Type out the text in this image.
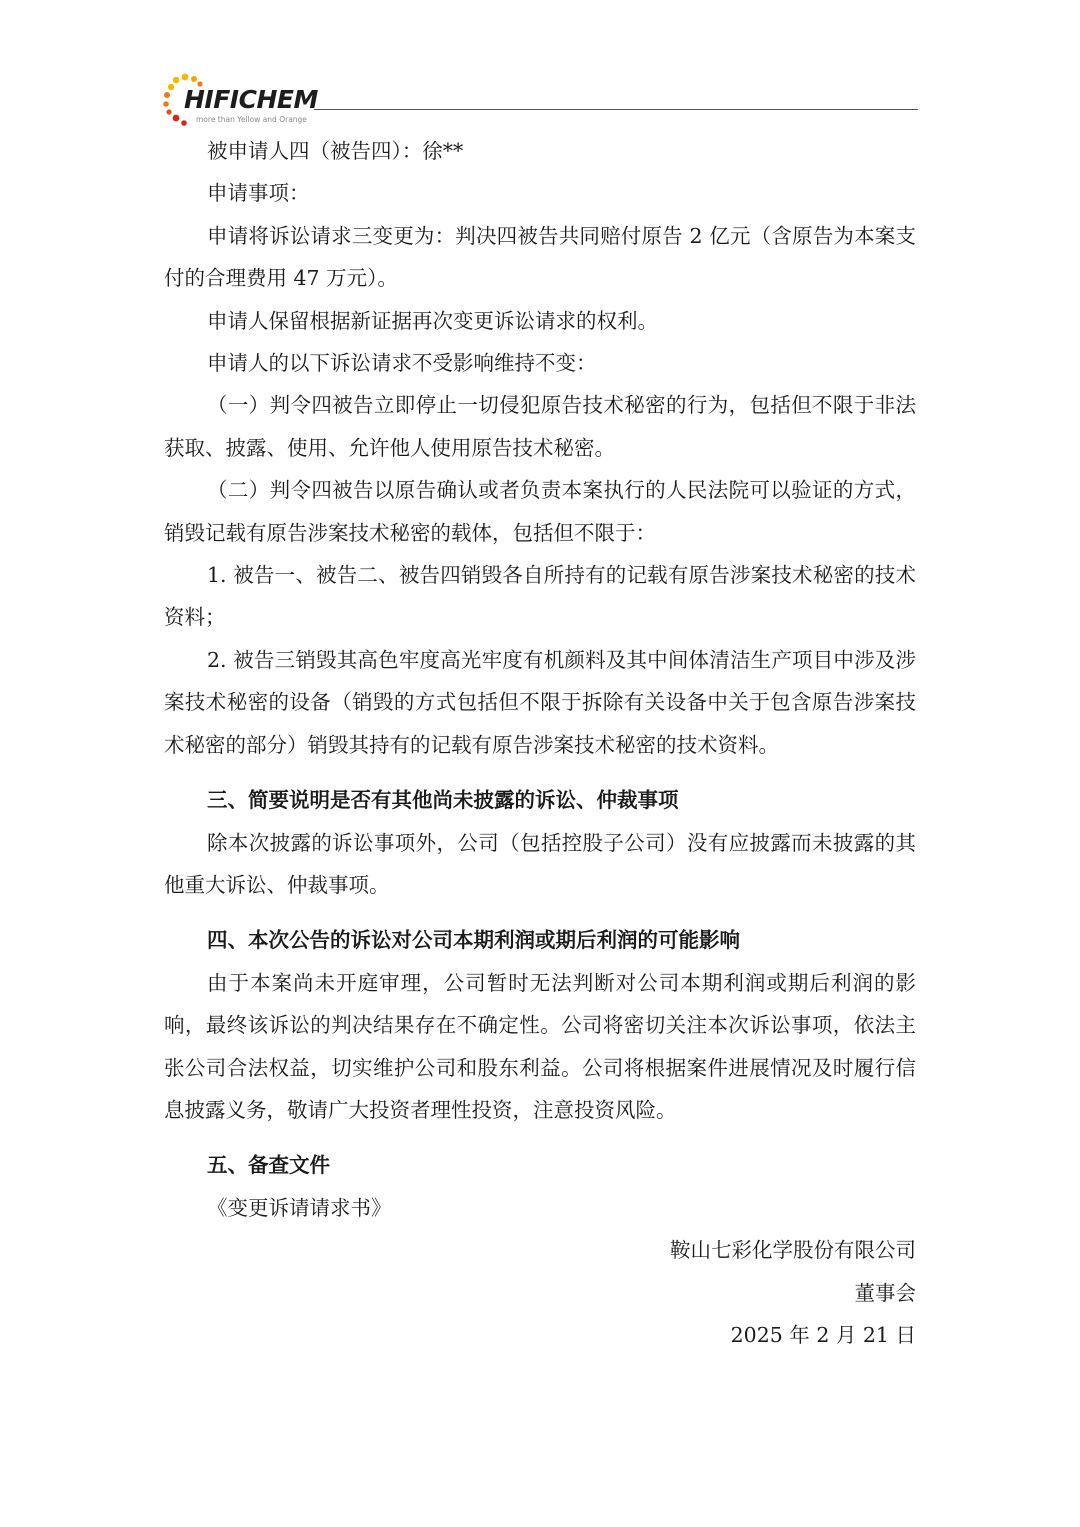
HIFICHEM
more than Yellow and Orange

被申请人四（被告四）：徐**

申请事项：

申请将诉讼请求三变更为：判决四被告共同赔付原告 2 亿元（含原告为本案支付的合理费用 47 万元）。

申请人保留根据新证据再次变更诉讼请求的权利。

申请人的以下诉讼请求不受影响维持不变：

（一）判令四被告立即停止一切侵犯原告技术秘密的行为，包括但不限于非法获取、披露、使用、允许他人使用原告技术秘密。

（二）判令四被告以原告确认或者负责本案执行的人民法院可以验证的方式，销毁记载有原告涉案技术秘密的载体，包括但不限于：

1. 被告一、被告二、被告四销毁各自所持有的记载有原告涉案技术秘密的技术资料；

2. 被告三销毁其高色牢度高光牢度有机颜料及其中间体清洁生产项目中涉及涉案技术秘密的设备（销毁的方式包括但不限于拆除有关设备中关于包含原告涉案技术秘密的部分）销毁其持有的记载有原告涉案技术秘密的技术资料。

三、简要说明是否有其他尚未披露的诉讼、仲裁事项

除本次披露的诉讼事项外，公司（包括控股子公司）没有应披露而未披露的其他重大诉讼、仲裁事项。

四、本次公告的诉讼对公司本期利润或期后利润的可能影响

由于本案尚未开庭审理，公司暂时无法判断对公司本期利润或期后利润的影响，最终该诉讼的判决结果存在不确定性。公司将密切关注本次诉讼事项，依法主张公司合法权益，切实维护公司和股东利益。公司将根据案件进展情况及时履行信息披露义务，敬请广大投资者理性投资，注意投资风险。

五、备查文件

《变更诉请请求书》

鞍山七彩化学股份有限公司

董事会

2025 年 2 月 21 日
